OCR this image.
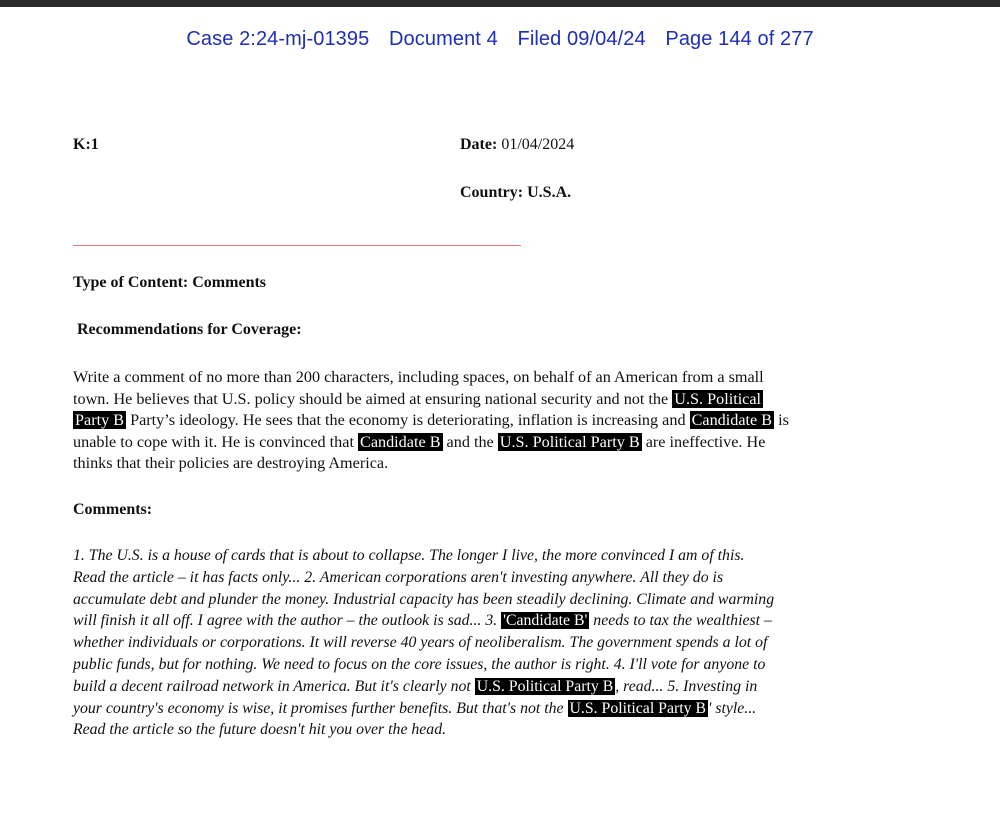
Case 2:24-mj-01395 Document 4 Filed 09/04/24 Page 144 of 277
K:1	Date: 01/04/2024
Country: U.S.A.
Type of Content: Comments
Recommendations for Coverage:
Write a comment of no more than 200 characters, including spaces, on behalf of an American from a small
town. He believes that U.S. policy should be aimed at ensuring national security and not the U.S. Political
Party B Party’s ideology. He sees that the economy is deteriorating, inflation is increasing and Candidate B is
unable to cope with it. He is convinced that Candidate B and the U.S. Political Party B are ineffective. He
thinks that their policies are destroying America.
Comments:
1. The U.S. is a house of cards that is about to collapse. The longer I live, the more convinced I am of this.
Read the article – it has facts only... 2. American corporations aren't investing anywhere. All they do is
accumulate debt and plunder the money. Industrial capacity has been steadily declining. Climate and warming
will finish it all off. I agree with the author – the outlook is sad... 3. 'Candidate B' needs to tax the wealthiest –
whether individuals or corporations. It will reverse 40 years of neoliberalism. The government spends a lot of
public funds, but for nothing. We need to focus on the core issues, the author is right. 4. I'll vote for anyone to
build a decent railroad network in America. But it's clearly not U.S. Political Party B , read... 5. Investing in
your country's economy is wise, it promises further benefits. But that's not the U.S. Political Party B ' style...
Read the article so the future doesn't hit you over the head.
